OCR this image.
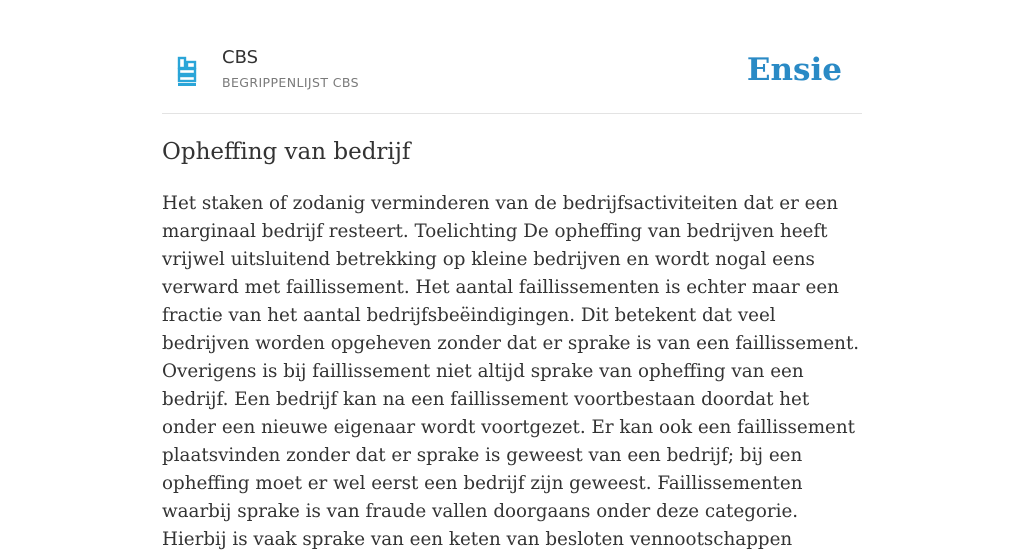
CBS
BEGRIPPENLIJST CBS	Ensie
Opheffing van bedrijf

Het staken of zodanig verminderen van de bedrijfsactiviteiten dat er een marginaal bedrijf resteert. Toelichting De opheffing van bedrijven heeft vrijwel uitsluitend betrekking op kleine bedrijven en wordt nogal eens verward met faillissement. Het aantal faillissementen is echter maar een fractie van het aantal bedrijfsbeëindigingen. Dit betekent dat veel bedrijven worden opgeheven zonder dat er sprake is van een faillissement. Overigens is bij faillissement niet altijd sprake van opheffing van een bedrijf. Een bedrijf kan na een faillissement voortbestaan doordat het onder een nieuwe eigenaar wordt voortgezet. Er kan ook een faillissement plaatsvinden zonder dat er sprake is geweest van een bedrijf; bij een opheffing moet er wel eerst een bedrijf zijn geweest. Faillissementen waarbij sprake is van fraude vallen doorgaans onder deze categorie. Hierbij is vaak sprake van een keten van besloten vennootschappen
